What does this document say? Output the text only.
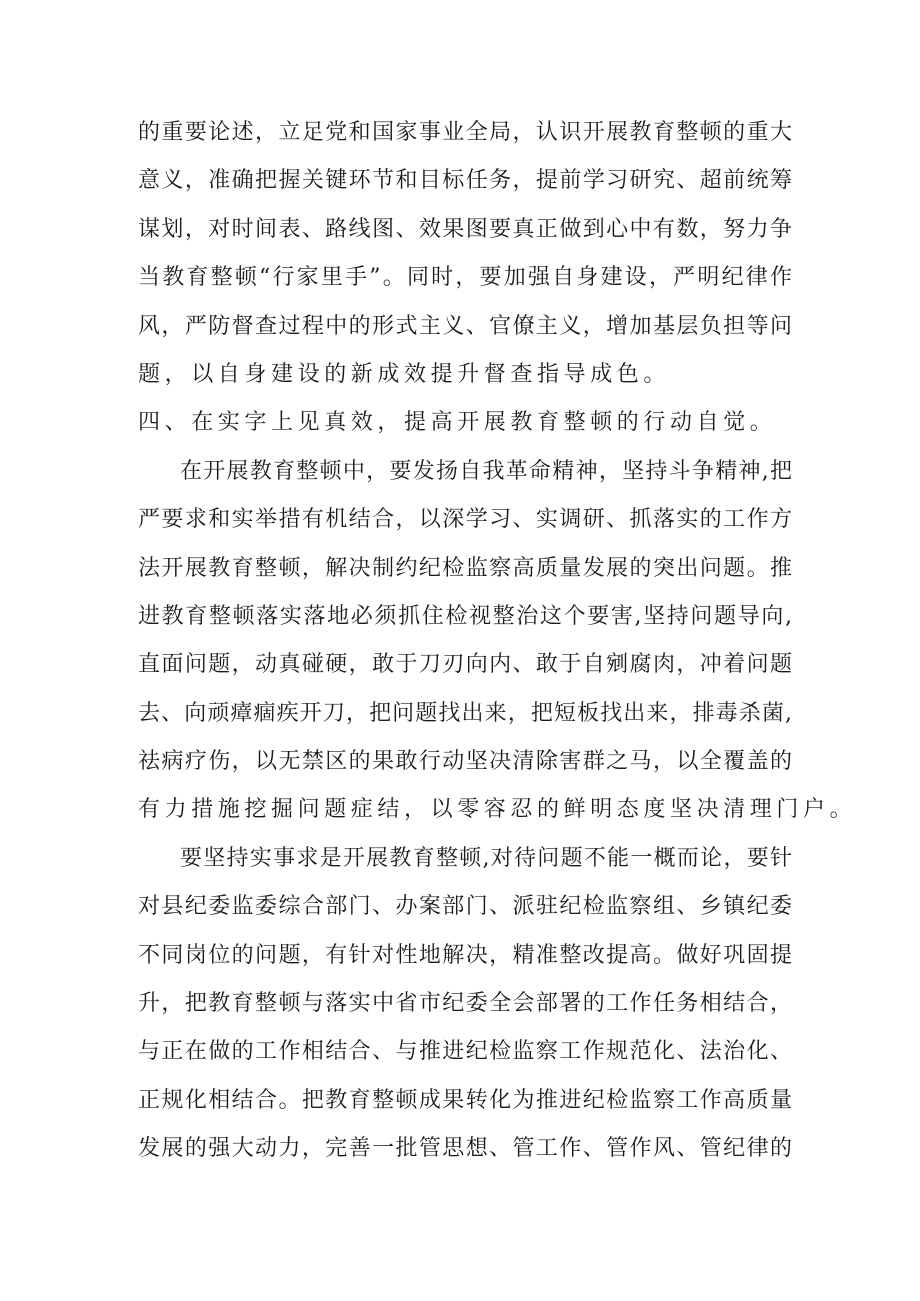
的重要论述，立足党和国家事业全局，认识开展教育整顿的重大
意义，准确把握关键环节和目标任务，提前学习研究、超前统筹
谋划，对时间表、路线图、效果图要真正做到心中有数，努力争
当教育整顿“行家里手”。同时，要加强自身建设，严明纪律作
风，严防督查过程中的形式主义、官僚主义，增加基层负担等问
题，以自身建设的新成效提升督查指导成色。
四、在实字上见真效，提高开展教育整顿的行动自觉。
在开展教育整顿中，要发扬自我革命精神，坚持斗争精神,把
严要求和实举措有机结合，以深学习、实调研、抓落实的工作方
法开展教育整顿，解决制约纪检监察高质量发展的突出问题。推
进教育整顿落实落地必须抓住检视整治这个要害,坚持问题导向,
直面问题，动真碰硬，敢于刀刃向内、敢于自剜腐肉，冲着问题
去、向顽瘴痼疾开刀，把问题找出来，把短板找出来，排毒杀菌,
祛病疗伤，以无禁区的果敢行动坚决清除害群之马，以全覆盖的
有力措施挖掘问题症结，以零容忍的鲜明态度坚决清理门户。
要坚持实事求是开展教育整顿,对待问题不能一概而论，要针
对县纪委监委综合部门、办案部门、派驻纪检监察组、乡镇纪委
不同岗位的问题，有针对性地解决，精准整改提高。做好巩固提
升，把教育整顿与落实中省市纪委全会部署的工作任务相结合，
与正在做的工作相结合、与推进纪检监察工作规范化、法治化、
正规化相结合。把教育整顿成果转化为推进纪检监察工作高质量
发展的强大动力，完善一批管思想、管工作、管作风、管纪律的
